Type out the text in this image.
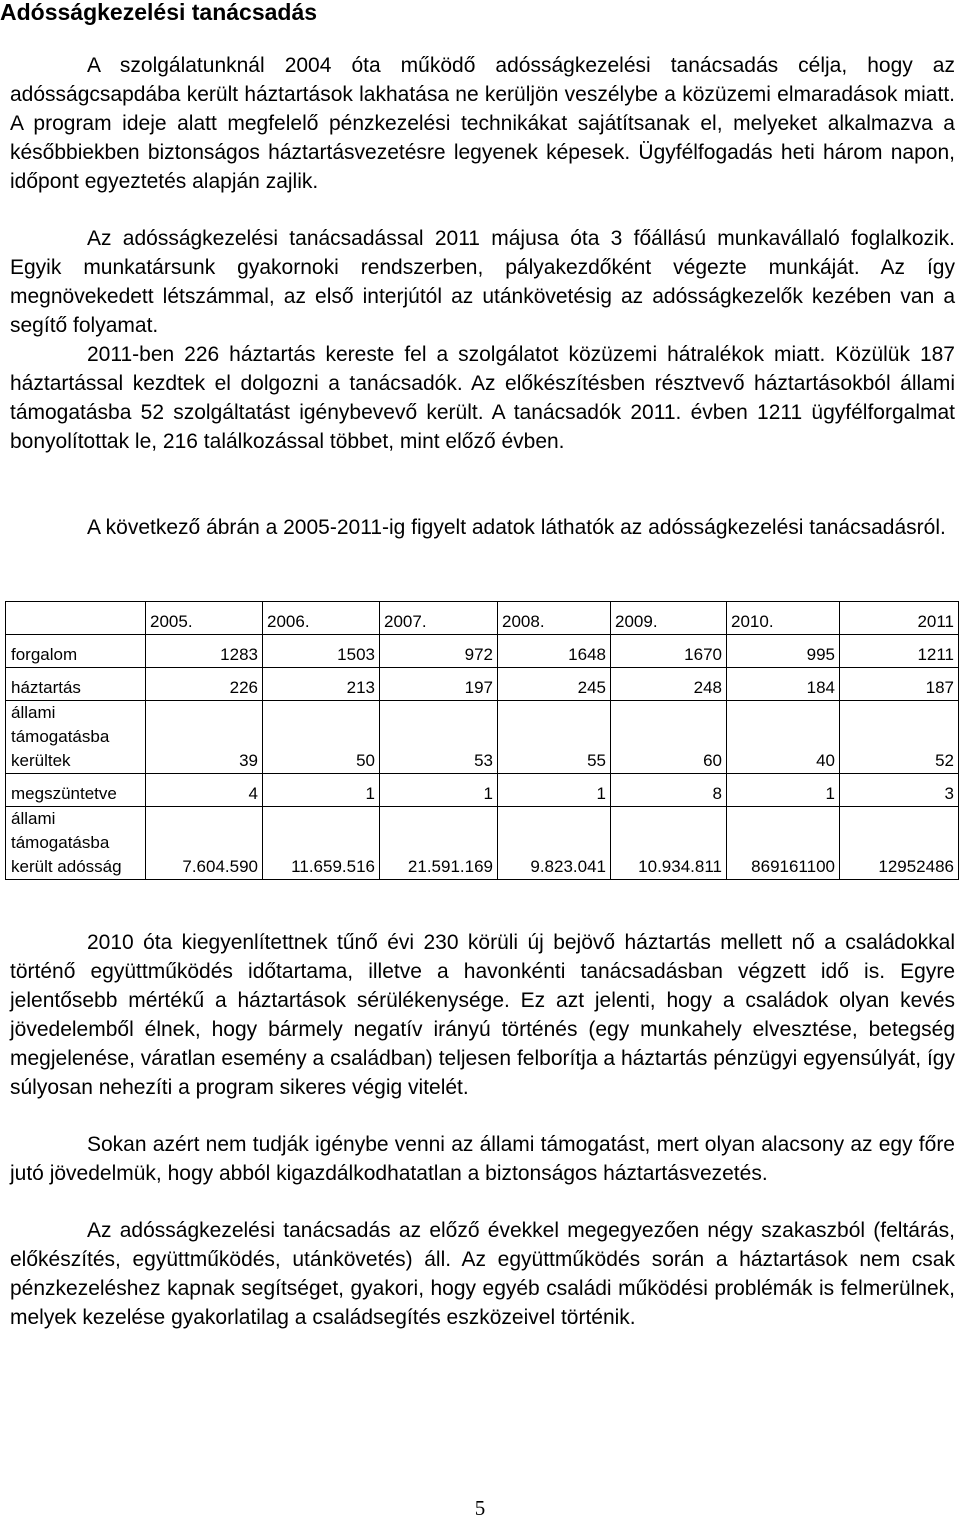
Adósságkezelési tanácsadás
A szolgálatunknál 2004 óta működő adósságkezelési tanácsadás célja, hogy az adósságcsapdába került háztartások lakhatása ne kerüljön veszélybe a közüzemi elmaradások miatt. A program ideje alatt megfelelő pénzkezelési technikákat sajátítsanak el, melyeket alkalmazva a későbbiekben biztonságos háztartásvezetésre legyenek képesek. Ügyfélfogadás heti három napon, időpont egyeztetés alapján zajlik.
Az adósságkezelési tanácsadással 2011 májusa óta 3 főállású munkavállaló foglalkozik. Egyik munkatársunk gyakornoki rendszerben, pályakezdőként végezte munkáját. Az így megnövekedett létszámmal, az első interjútól az utánkövetésig az adósságkezelők kezében van a segítő folyamat.
2011-ben 226 háztartás kereste fel a szolgálatot közüzemi hátralékok miatt. Közülük 187 háztartással kezdtek el dolgozni a tanácsadók. Az előkészítésben résztvevő háztartásokból állami támogatásba 52 szolgáltatást igénybevevő került. A tanácsadók 2011. évben 1211 ügyfélforgalmat bonyolítottak le, 216 találkozással többet, mint előző évben.
A következő ábrán a 2005-2011-ig figyelt adatok láthatók az adósságkezelési tanácsadásról.
	2005.	2006.	2007.	2008.	2009.	2010.	2011
forgalom	1283	1503	972	1648	1670	995	1211
háztartás	226	213	197	245	248	184	187
állami támogatásba kerültek	39	50	53	55	60	40	52
megszüntetve	4	1	1	1	8	1	3
állami támogatásba került adósság	7.604.590	11.659.516	21.591.169	9.823.041	10.934.811	869161100	12952486
2010 óta kiegyenlítettnek tűnő évi 230 körüli új bejövő háztartás mellett nő a családokkal történő együttműködés időtartama, illetve a havonkénti tanácsadásban végzett idő is. Egyre jelentősebb mértékű a háztartások sérülékenysége. Ez azt jelenti, hogy a családok olyan kevés jövedelemből élnek, hogy bármely negatív irányú történés (egy munkahely elvesztése, betegség megjelenése, váratlan esemény a családban) teljesen felborítja a háztartás pénzügyi egyensúlyát, így súlyosan nehezíti a program sikeres végig vitelét.
Sokan azért nem tudják igénybe venni az állami támogatást, mert olyan alacsony az egy főre jutó jövedelmük, hogy abból kigazdálkodhatatlan a biztonságos háztartásvezetés.
Az adósságkezelési tanácsadás az előző évekkel megegyezően négy szakaszból (feltárás, előkészítés, együttműködés, utánkövetés) áll. Az együttműködés során a háztartások nem csak pénzkezeléshez kapnak segítséget, gyakori, hogy egyéb családi működési problémák is felmerülnek, melyek kezelése gyakorlatilag a családsegítés eszközeivel történik.
5
